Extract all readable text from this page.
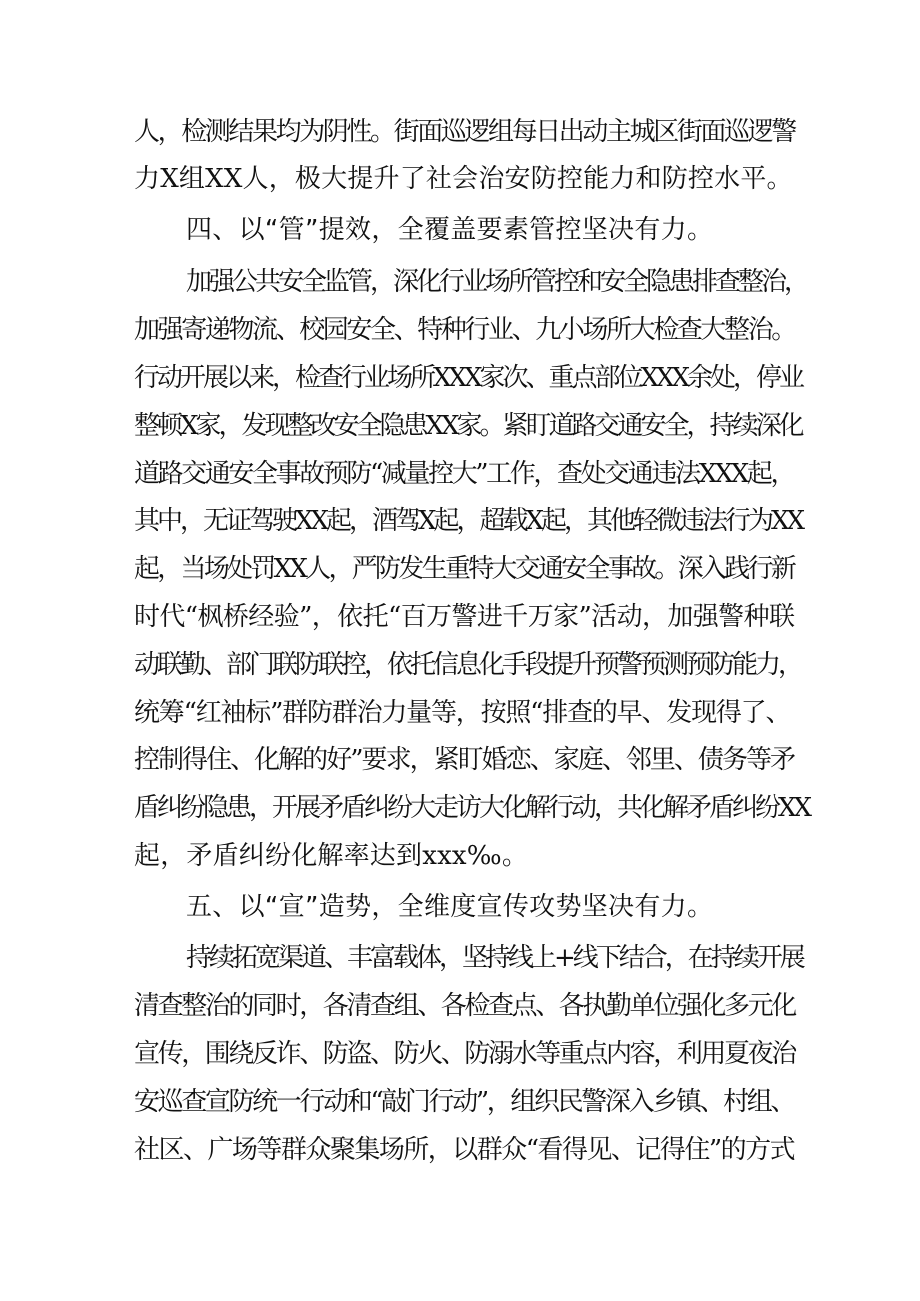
人，检测结果均为阴性。街面巡逻组每日出动主城区街面巡逻警
力X组XX人，极大提升了社会治安防控能力和防控水平。
四、以“管”提效，全覆盖要素管控坚决有力。
加强公共安全监管，深化行业场所管控和安全隐患排查整治，
加强寄递物流、校园安全、特种行业、九小场所大检查大整治。
行动开展以来，检查行业场所XXX家次、重点部位XXX余处，停业
整顿X家，发现整改安全隐患XX家。紧盯道路交通安全，持续深化
道路交通安全事故预防“减量控大”工作，查处交通违法XXX起，
其中，无证驾驶XX起，酒驾X起，超载X起，其他轻微违法行为XX
起，当场处罚XX人，严防发生重特大交通安全事故。深入践行新
时代“枫桥经验”，依托“百万警进千万家”活动，加强警种联
动联勤、部门联防联控，依托信息化手段提升预警预测预防能力，
统筹“红袖标”群防群治力量等，按照“排查的早、发现得了、
控制得住、化解的好”要求，紧盯婚恋、家庭、邻里、债务等矛
盾纠纷隐患，开展矛盾纠纷大走访大化解行动，共化解矛盾纠纷XX
起，矛盾纠纷化解率达到xxx‰。
五、以“宣”造势，全维度宣传攻势坚决有力。
持续拓宽渠道、丰富载体，坚持线上+线下结合，在持续开展
清查整治的同时，各清查组、各检查点、各执勤单位强化多元化
宣传，围绕反诈、防盗、防火、防溺水等重点内容，利用夏夜治
安巡查宣防统一行动和“敲门行动”，组织民警深入乡镇、村组、
社区、广场等群众聚集场所，以群众“看得见、记得住”的方式
